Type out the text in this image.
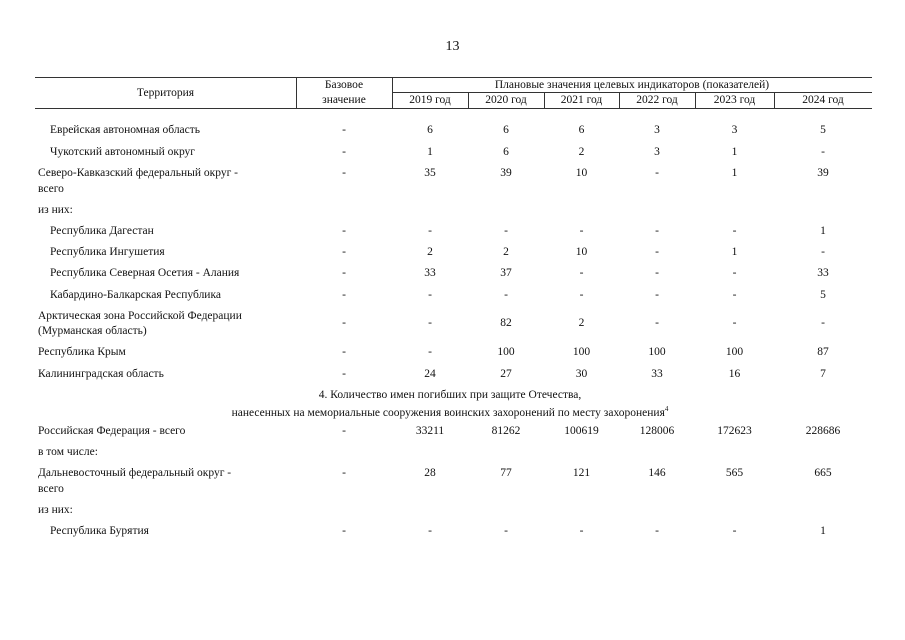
13
Территория
Базовое
значение
Плановые значения целевых индикаторов (показателей)
2019 год	2020 год	2021 год	2022 год	2023 год	2024 год
Еврейская автономная область	-	6	6	6	3	3	5
Чукотский автономный округ	-	1	6	2	3	1	-
Северо-Кавказский федеральный округ -
всего
-	35	39	10	-	1	39
из них:
Республика Дагестан	-	-	-	-	-	-	1
Республика Ингушетия	-	2	2	10	-	1	-
Республика Северная Осетия - Алания	-	33	37	-	-	-	33
Кабардино-Балкарская Республика	-	-	-	-	-	-	5
Арктическая зона Российской Федерации
(Мурманская область)
-	-	82	2	-	-	-
Республика Крым	-	-	100	100	100	100	87
Калининградская область	-	24	27	30	33	16	7
4. Количество имен погибших при защите Отечества,
нанесенных на мемориальные сооружения воинских захоронений по месту захоронения$^4$
Российская Федерация - всего	-	33211	81262	100619	128006	172623	228686
в том числе:
Дальневосточный федеральный округ -
всего
-	28	77	121	146	565	665
из них:
Республика Бурятия	-	-	-	-	-	-	1
